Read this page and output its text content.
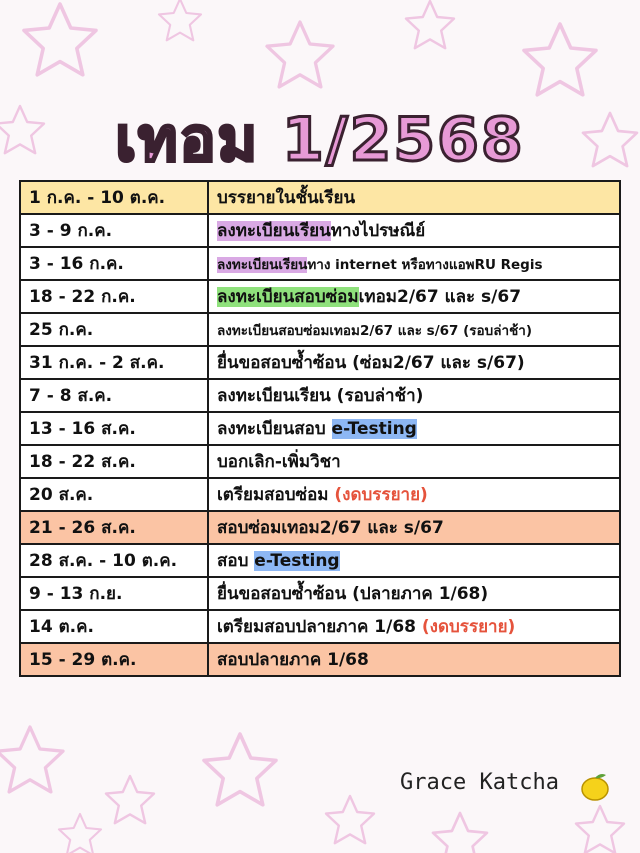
เทอม 1/2568
1 ก.ค. - 10 ต.ค.	บรรยายในชั้นเรียน
3 - 9 ก.ค.	ลงทะเบียนเรียนทางไปรษณีย์
3 - 16 ก.ค.	ลงทะเบียนเรียนทาง internet หรือทางแอพRU Regis
18 - 22 ก.ค.	ลงทะเบียนสอบซ่อมเทอม2/67 และ s/67
25 ก.ค.	ลงทะเบียนสอบซ่อมเทอม2/67 และ s/67 (รอบล่าช้า)
31 ก.ค. - 2 ส.ค.	ยื่นขอสอบซ้ำซ้อน (ซ่อม2/67 และ s/67)
7 - 8 ส.ค.	ลงทะเบียนเรียน (รอบล่าช้า)
13 - 16 ส.ค.	ลงทะเบียนสอบ e-Testing
18 - 22 ส.ค.	บอกเลิก-เพิ่มวิชา
20 ส.ค.	เตรียมสอบซ่อม (งดบรรยาย)
21 - 26 ส.ค.	สอบซ่อมเทอม2/67 และ s/67
28 ส.ค. - 10 ต.ค.	สอบ e-Testing
9 - 13 ก.ย.	ยื่นขอสอบซ้ำซ้อน (ปลายภาค 1/68)
14 ต.ค.	เตรียมสอบปลายภาค 1/68 (งดบรรยาย)
15 - 29 ต.ค.	สอบปลายภาค 1/68
Grace Katcha
